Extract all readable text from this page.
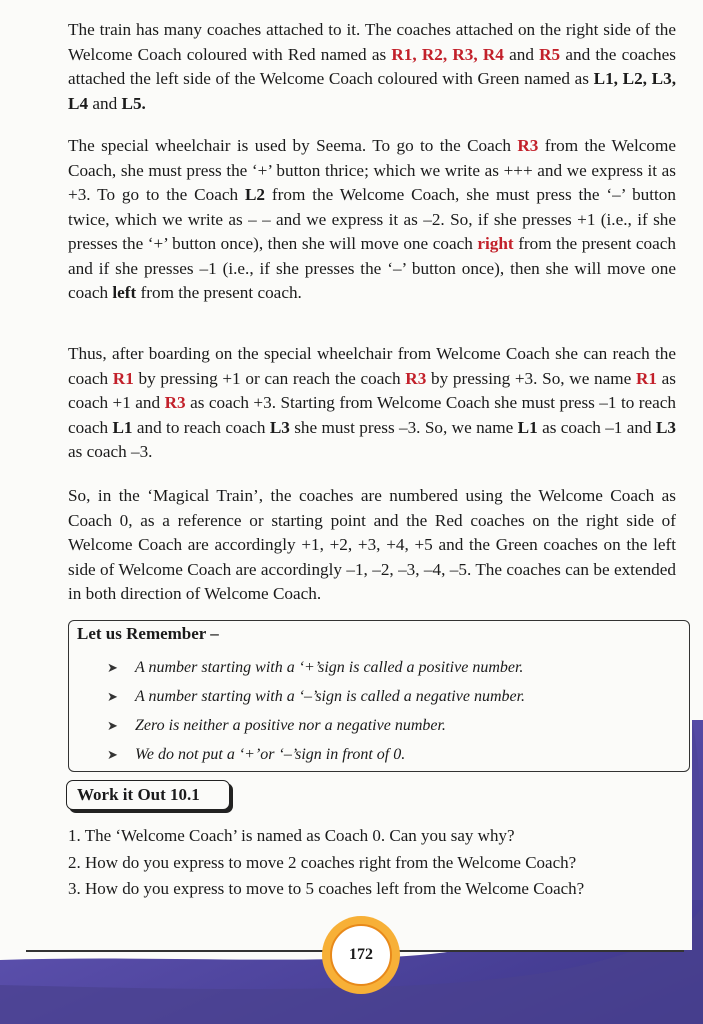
The train has many coaches attached to it. The coaches attached on the right side of the Welcome Coach coloured with Red named as R1, R2, R3, R4 and R5 and the coaches attached the left side of the Welcome Coach coloured with Green named as L1, L2, L3, L4 and L5.

The special wheelchair is used by Seema. To go to the Coach R3 from the Welcome Coach, she must press the ‘+’ button thrice; which we write as +++ and we express it as +3. To go to the Coach L2 from the Welcome Coach, she must press the ‘–’ button twice, which we write as – – and we express it as –2. So, if she presses +1 (i.e., if she presses the ‘+’ button once), then she will move one coach right from the present coach and if she presses –1 (i.e., if she presses the ‘–’ button once), then she will move one coach left from the present coach.

Thus, after boarding on the special wheelchair from Welcome Coach she can reach the coach R1 by pressing +1 or can reach the coach R3 by pressing +3. So, we name R1 as coach +1 and R3 as coach +3. Starting from Welcome Coach she must press –1 to reach coach L1 and to reach coach L3 she must press –3. So, we name L1 as coach –1 and L3 as coach –3.

So, in the ‘Magical Train’, the coaches are numbered using the Welcome Coach as Coach 0, as a reference or starting point and the Red coaches on the right side of Welcome Coach are accordingly +1, +2, +3, +4, +5 and the Green coaches on the left side of Welcome Coach are accordingly –1, –2, –3, –4, –5. The coaches can be extended in both direction of Welcome Coach.

Let us Remember –
➤ A number starting with a ‘+’sign is called a positive number.
➤ A number starting with a ‘–’sign is called a negative number.
➤ Zero is neither a positive nor a negative number.
➤ We do not put a ‘+’or ‘–’sign in front of 0.
Work it Out 10.1
1. The ‘Welcome Coach’ is named as Coach 0. Can you say why?
2. How do you express to move 2 coaches right from the Welcome Coach?
3. How do you express to move to 5 coaches left from the Welcome Coach?
172
